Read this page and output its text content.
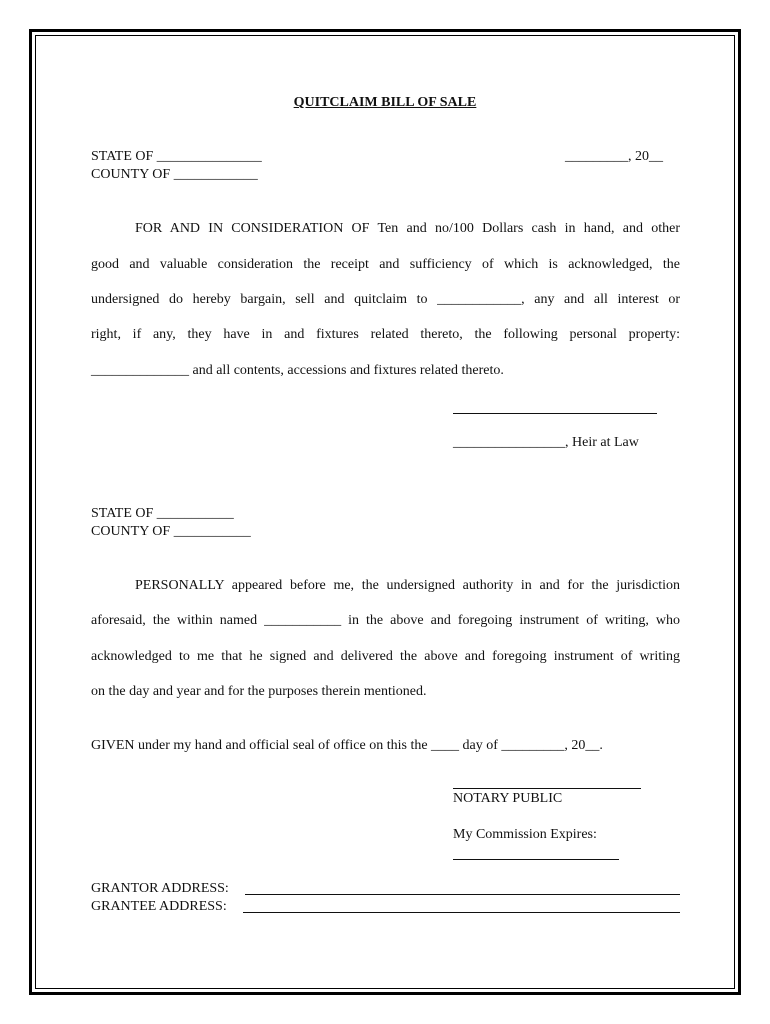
QUITCLAIM BILL OF SALE
STATE OF _______________
COUNTY OF ____________
_________, 20__
FOR AND IN CONSIDERATION OF Ten and no/100 Dollars cash in hand, and other
good and valuable consideration the receipt and sufficiency of which is acknowledged, the
undersigned do hereby bargain, sell and quitclaim to ____________, any and all interest or
right, if any, they have in and fixtures related thereto, the following personal property:
______________ and all contents, accessions and fixtures related thereto.
________________, Heir at Law
STATE OF ___________
COUNTY OF ___________
PERSONALLY appeared before me, the undersigned authority in and for the jurisdiction
aforesaid, the within named ___________ in the above and foregoing instrument of writing, who
acknowledged to me that he signed and delivered the above and foregoing instrument of writing
on the day and year and for the purposes therein mentioned.
GIVEN under my hand and official seal of office on this the ____ day of _________, 20__.
NOTARY PUBLIC
My Commission Expires:
GRANTOR ADDRESS:
GRANTEE ADDRESS:
